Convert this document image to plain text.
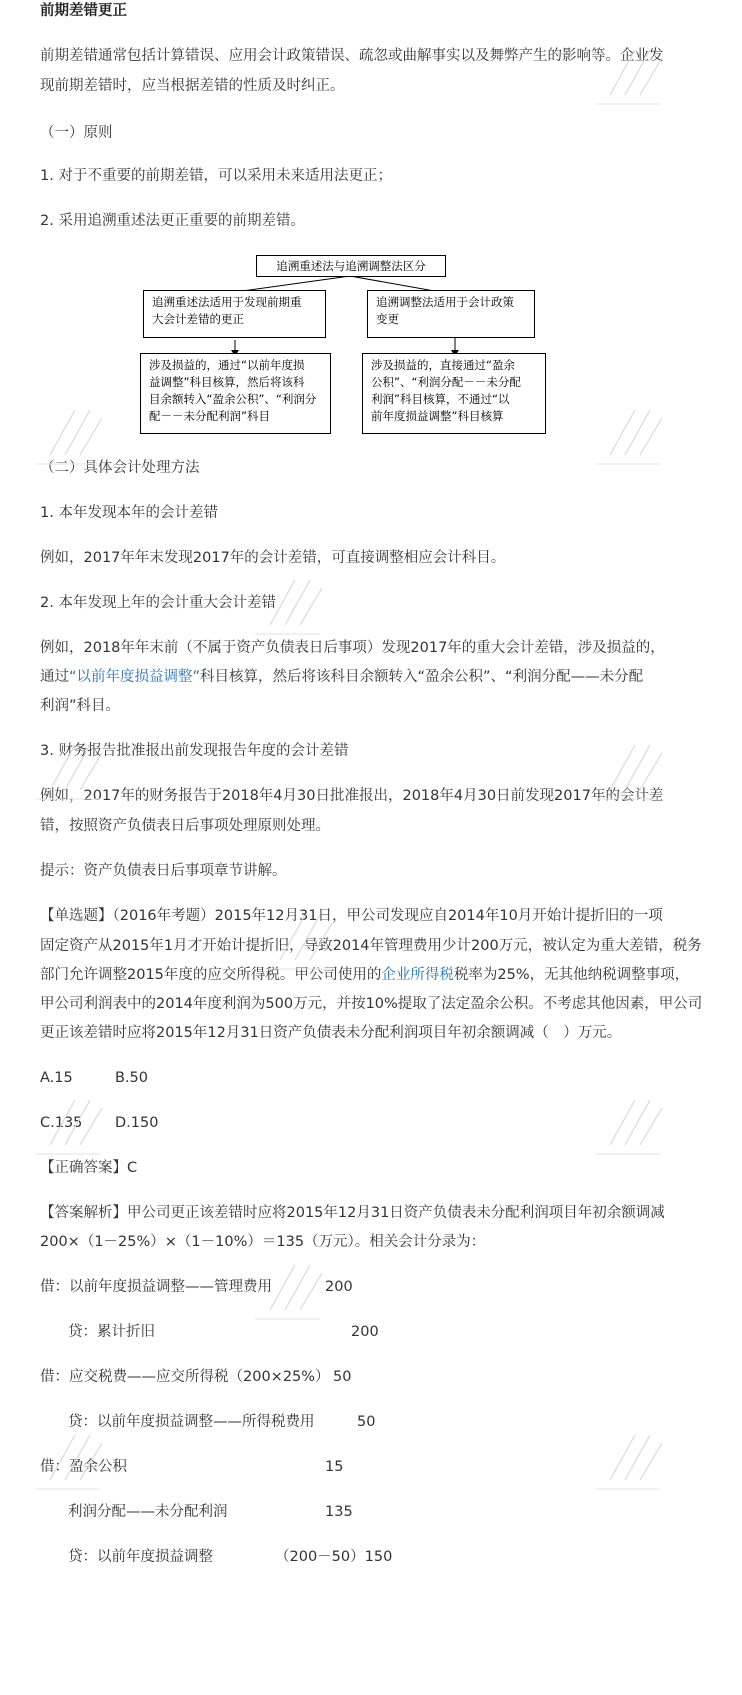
前期差错更正
前期差错通常包括计算错误、应用会计政策错误、疏忽或曲解事实以及舞弊产生的影响等。企业发
现前期差错时，应当根据差错的性质及时纠正。
（一）原则
1. 对于不重要的前期差错，可以采用未来适用法更正；
2. 采用追溯重述法更正重要的前期差错。
追溯重述法与追溯调整法区分
追溯重述法适用于发现前期重
大会计差错的更正
追溯调整法适用于会计政策
变更
涉及损益的，通过“以前年度损
益调整”科目核算，然后将该科
目余额转入“盈余公积”、“利润分
配－－未分配利润”科目
涉及损益的，直接通过“盈余
公积”、“利润分配－－未分配
利润”科目核算，不通过“以
前年度损益调整”科目核算
（二）具体会计处理方法
1. 本年发现本年的会计差错
例如，2017年年末发现2017年的会计差错，可直接调整相应会计科目。
2. 本年发现上年的会计重大会计差错
例如，2018年年末前（不属于资产负债表日后事项）发现2017年的重大会计差错，涉及损益的，
通过“以前年度损益调整”科目核算，然后将该科目余额转入“盈余公积”、“利润分配——未分配
利润”科目。
3. 财务报告批准报出前发现报告年度的会计差错
例如，2017年的财务报告于2018年4月30日批准报出，2018年4月30日前发现2017年的会计差
错，按照资产负债表日后事项处理原则处理。
提示：资产负债表日后事项章节讲解。
【单选题】（2016年考题）2015年12月31日，甲公司发现应自2014年10月开始计提折旧的一项
固定资产从2015年1月才开始计提折旧，导致2014年管理费用少计200万元，被认定为重大差错，税务
部门允许调整2015年度的应交所得税。甲公司使用的企业所得税税率为25%，无其他纳税调整事项，
甲公司利润表中的2014年度利润为500万元，并按10%提取了法定盈余公积。不考虑其他因素，甲公司
更正该差错时应将2015年12月31日资产负债表未分配利润项目年初余额调减（　）万元。
A.15	B.50
C.135 D.150
【正确答案】C
【答案解析】甲公司更正该差错时应将2015年12月31日资产负债表未分配利润项目年初余额调减
200×（1－25%）×（1－10%）＝135（万元）。相关会计分录为：
借：以前年度损益调整——管理费用	200
贷：累计折旧	200
借：应交税费——应交所得税（200×25%） 50
贷：以前年度损益调整——所得税费用	50
借：盈余公积	15
利润分配——未分配利润	135
贷：以前年度损益调整	（200－50）150
